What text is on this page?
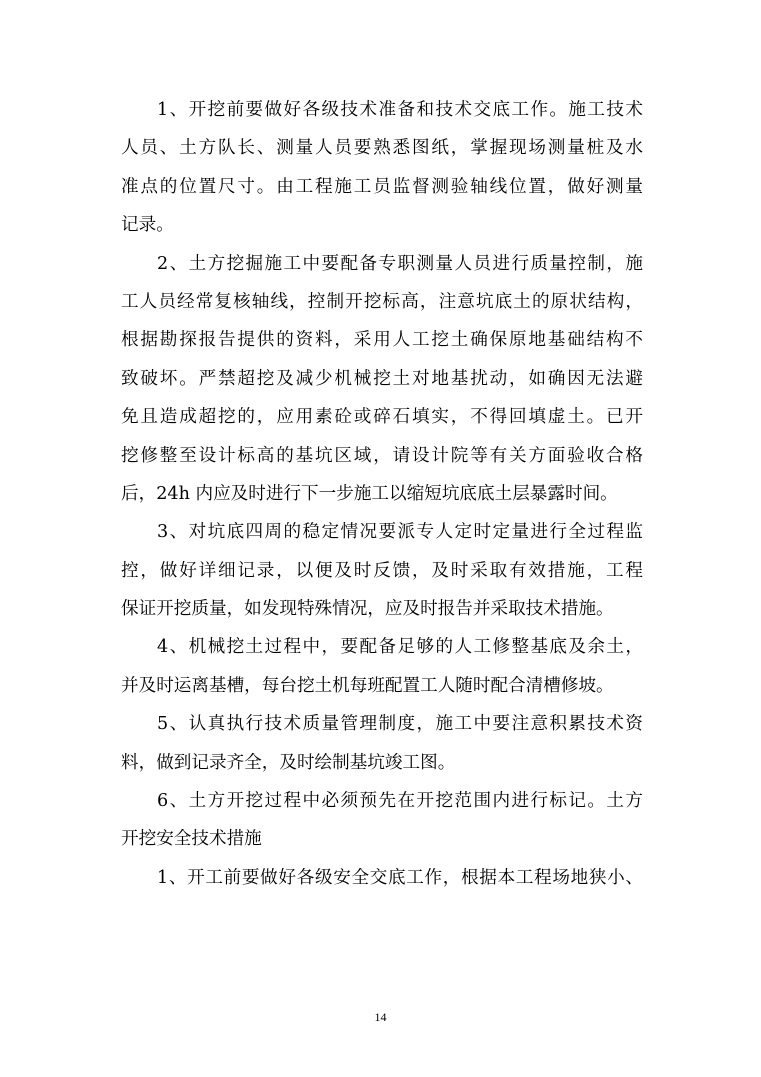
1、开挖前要做好各级技术准备和技术交底工作。施工技术
人员、土方队长、测量人员要熟悉图纸，掌握现场测量桩及水
准点的位置尺寸。由工程施工员监督测验轴线位置，做好测量
记录。
2、土方挖掘施工中要配备专职测量人员进行质量控制，施
工人员经常复核轴线，控制开挖标高，注意坑底土的原状结构，
根据勘探报告提供的资料，采用人工挖土确保原地基础结构不
致破坏。严禁超挖及减少机械挖土对地基扰动，如确因无法避
免且造成超挖的，应用素砼或碎石填实，不得回填虚土。已开
挖修整至设计标高的基坑区域，请设计院等有关方面验收合格
后，24h 内应及时进行下一步施工以缩短坑底底土层暴露时间。
3、对坑底四周的稳定情况要派专人定时定量进行全过程监
控，做好详细记录，以便及时反馈，及时采取有效措施，工程
保证开挖质量，如发现特殊情况，应及时报告并采取技术措施。
4、机械挖土过程中，要配备足够的人工修整基底及余土，
并及时运离基槽，每台挖土机每班配置工人随时配合清槽修坡。
5、认真执行技术质量管理制度，施工中要注意积累技术资
料，做到记录齐全，及时绘制基坑竣工图。
6、土方开挖过程中必须预先在开挖范围内进行标记。土方
开挖安全技术措施
1、开工前要做好各级安全交底工作，根据本工程场地狭小、
14
